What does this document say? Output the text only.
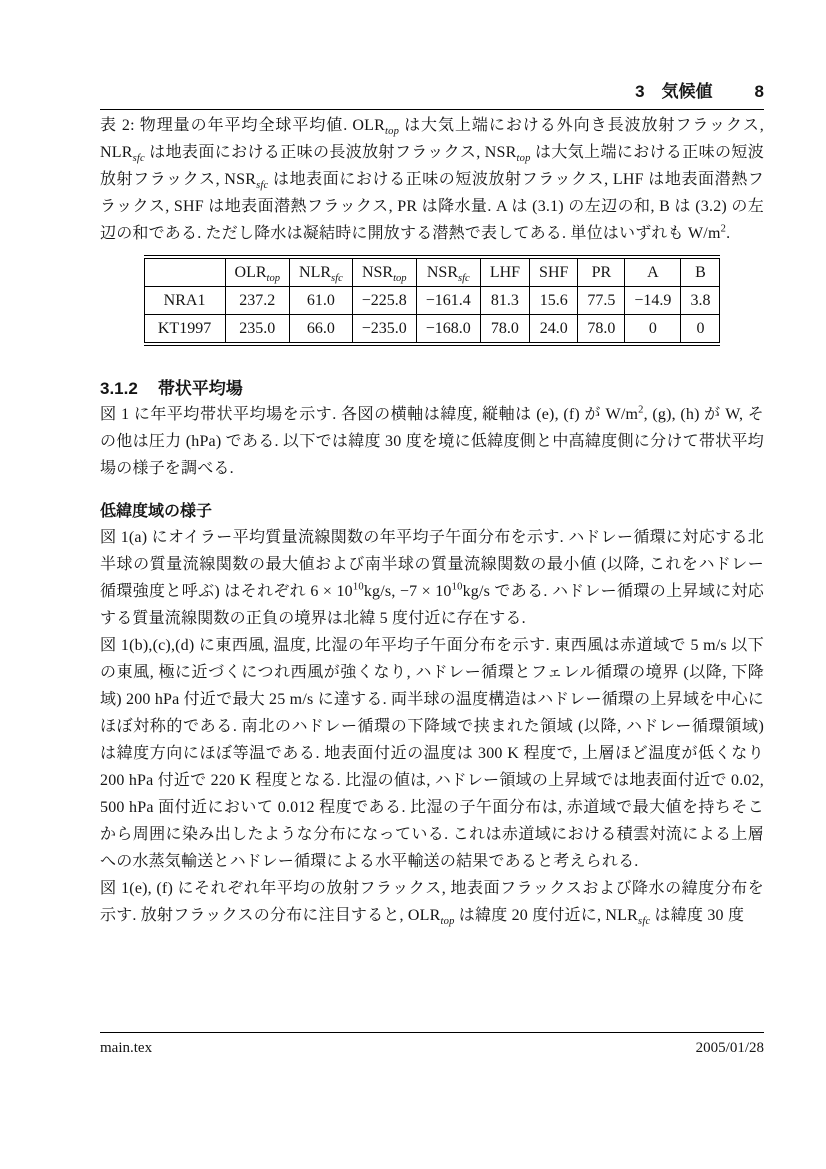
3 気候値 8

表 2: 物理量の年平均全球平均値. $OLR_{top}$ は大気上端における外向き長波放射フラックス, $NLR_{sfc}$ は地表面における正味の長波放射フラックス, $NSR_{top}$ は大気上端における正味の短波放射フラックス, $NSR_{sfc}$ は地表面における正味の短波放射フラックス, LHF は地表面潜熱フラックス, SHF は地表面潜熱フラックス, PR は降水量. A は (3.1) の左辺の和, B は (3.2) の左辺の和である. ただし降水は凝結時に開放する潜熱で表してある. 単位はいずれも $W/m^2$.

	$OLR_{top}$	$NLR_{sfc}$	$NSR_{top}$	$NSR_{sfc}$	LHF	SHF	PR	A	B
NRA1	237.2	61.0	−225.8	−161.4	81.3	15.6	77.5	−14.9	3.8
KT1997	235.0	66.0	−235.0	−168.0	78.0	24.0	78.0	0	0
3.1.2 帯状平均場

図 1 に年平均帯状平均場を示す. 各図の横軸は緯度, 縦軸は (e), (f) が $W/m^2$, (g), (h) が W, その他は圧力 (hPa) である. 以下では緯度 30 度を境に低緯度側と中高緯度側に分けて帯状平均場の様子を調べる.

低緯度域の様子

図 1(a) にオイラー平均質量流線関数の年平均子午面分布を示す. ハドレー循環に対応する北半球の質量流線関数の最大値および南半球の質量流線関数の最小値 (以降, これをハドレー循環強度と呼ぶ) はそれぞれ $6 \times 10^{10}kg/s$, $-7 \times 10^{10}kg/s$ である. ハドレー循環の上昇域に対応する質量流線関数の正負の境界は北緯 5 度付近に存在する.

図 1(b),(c),(d) に東西風, 温度, 比湿の年平均子午面分布を示す. 東西風は赤道域で 5 m/s 以下の東風, 極に近づくにつれ西風が強くなり, ハドレー循環とフェレル循環の境界 (以降, 下降域) 200 hPa 付近で最大 25 m/s に達する. 両半球の温度構造はハドレー循環の上昇域を中心にほぼ対称的である. 南北のハドレー循環の下降域で挟まれた領域 (以降, ハドレー循環領域) は緯度方向にほぼ等温である. 地表面付近の温度は 300 K 程度で, 上層ほど温度が低くなり 200 hPa 付近で 220 K 程度となる. 比湿の値は, ハドレー領域の上昇域では地表面付近で 0.02, 500 hPa 面付近において 0.012 程度である. 比湿の子午面分布は, 赤道域で最大値を持ちそこから周囲に染み出したような分布になっている. これは赤道域における積雲対流による上層への水蒸気輸送とハドレー循環による水平輸送の結果であると考えられる.

図 1(e), (f) にそれぞれ年平均の放射フラックス, 地表面フラックスおよび降水の緯度分布を示す. 放射フラックスの分布に注目すると, $OLR_{top}$ は緯度 20 度付近に, $NLR_{sfc}$ は緯度 30 度

main.tex	2005/01/28
